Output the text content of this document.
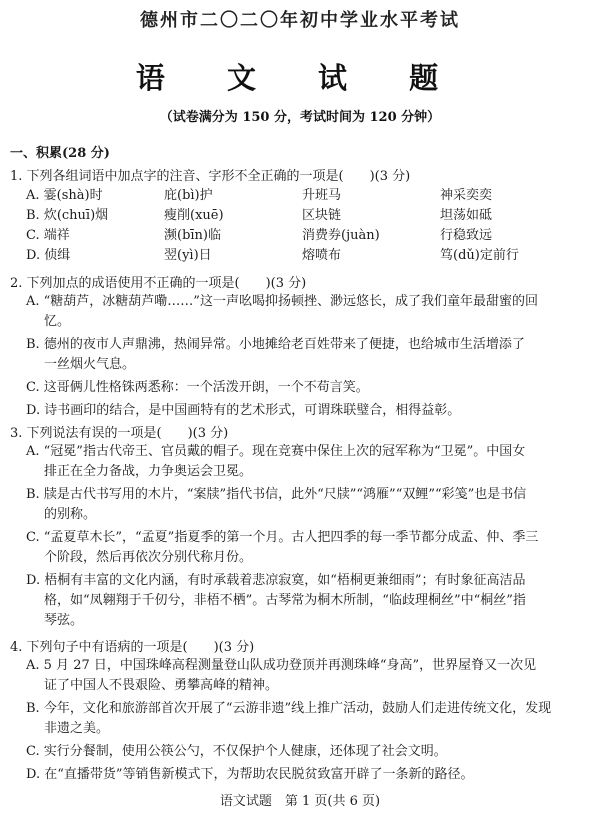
德州市二〇二〇年初中学业水平考试
语 文 试 题
（试卷满分为 150 分，考试时间为 120 分钟）
一、积累(28 分)
1. 下列各组词语中加点字的注音、字形不全正确的一项是(　　)(3 分)
A. 霎(shà)时	庇(bì)护	升班马	神采奕奕
B. 炊(chuī)烟	瘦削(xuē)	区块链	坦荡如砥
C. 端祥	濒(bīn)临	消费券(juàn)	行稳致远
D. 侦缉	翌(yì)日	熔喷布	笃(dǔ)定前行
2. 下列加点的成语使用不正确的一项是(　　)(3 分)
A. “糖葫芦，冰糖葫芦嘞……”这一声吆喝抑扬顿挫、渺远悠长，成了我们童年最甜蜜的回
忆。
B. 德州的夜市人声鼎沸，热闹异常。小地摊给老百姓带来了便捷，也给城市生活增添了
一丝烟火气息。
C. 这哥俩儿性格铢两悉称：一个活泼开朗，一个不苟言笑。
D. 诗书画印的结合，是中国画特有的艺术形式，可谓珠联璧合，相得益彰。
3. 下列说法有误的一项是(　　)(3 分)
A. “冠冕”指古代帝王、官员戴的帽子。现在竞赛中保住上次的冠军称为“卫冕”。中国女
排正在全力备战，力争奥运会卫冕。
B. 牍是古代书写用的木片，“案牍”指代书信，此外“尺牍”“鸿雁”“双鲤”“彩笺”也是书信
的别称。
C. “孟夏草木长”，“孟夏”指夏季的第一个月。古人把四季的每一季节都分成孟、仲、季三
个阶段，然后再依次分别代称月份。
D. 梧桐有丰富的文化内涵，有时承载着悲凉寂寞，如“梧桐更兼细雨”；有时象征高洁品
格，如“凤翱翔于千仞兮，非梧不栖”。古琴常为桐木所制，“临歧理桐丝”中“桐丝”指
琴弦。
4. 下列句子中有语病的一项是(　　)(3 分)
A. 5 月 27 日，中国珠峰高程测量登山队成功登顶并再测珠峰“身高”，世界屋脊又一次见
证了中国人不畏艰险、勇攀高峰的精神。
B. 今年，文化和旅游部首次开展了“云游非遗”线上推广活动，鼓励人们走进传统文化，发现
非遗之美。
C. 实行分餐制，使用公筷公勺，不仅保护个人健康，还体现了社会文明。
D. 在“直播带货”等销售新模式下，为帮助农民脱贫致富开辟了一条新的路径。
语文试题　第 1 页(共 6 页)
